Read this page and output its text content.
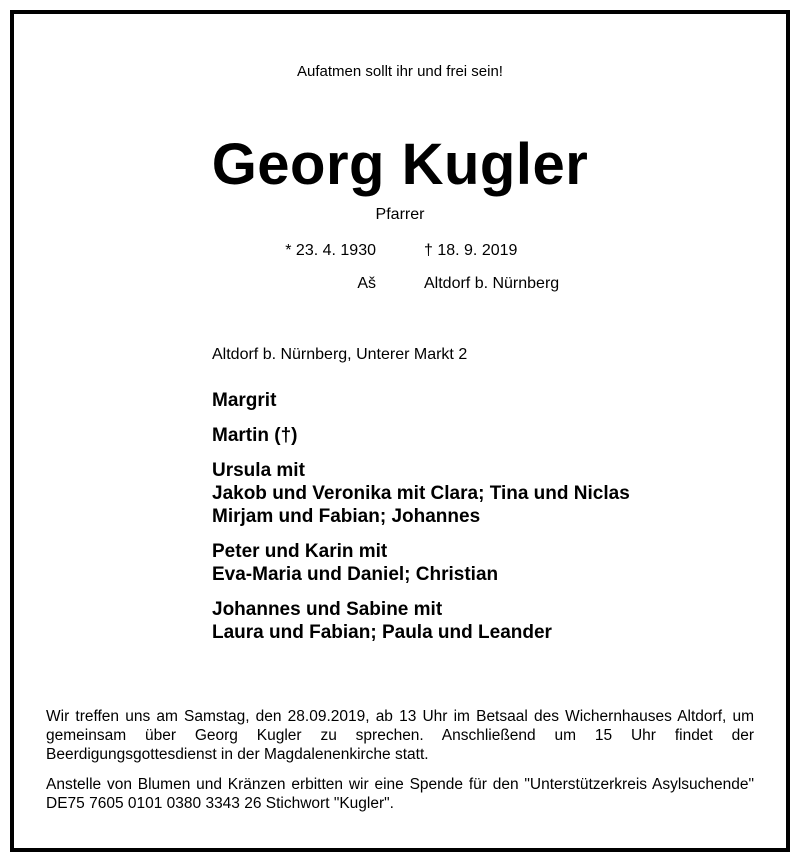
Aufatmen sollt ihr und frei sein!
Georg Kugler
Pfarrer
* 23. 4. 1930	† 18. 9. 2019
Aš	Altdorf b. Nürnberg
Altdorf b. Nürnberg, Unterer Markt 2
Margrit
Martin (†)
Ursula mit
Jakob und Veronika mit Clara; Tina und Niclas
Mirjam und Fabian; Johannes
Peter und Karin mit
Eva-Maria und Daniel; Christian
Johannes und Sabine mit
Laura und Fabian; Paula und Leander

Wir treffen uns am Samstag, den 28.09.2019, ab 13 Uhr im Betsaal des Wichernhauses Altdorf, um gemeinsam über Georg Kugler zu sprechen. Anschließend um 15 Uhr findet der Beerdigungsgottesdienst in der Magdalenenkirche statt.

Anstelle von Blumen und Kränzen erbitten wir eine Spende für den "Unterstützerkreis Asylsuchende" DE75 7605 0101 0380 3343 26 Stichwort "Kugler".
